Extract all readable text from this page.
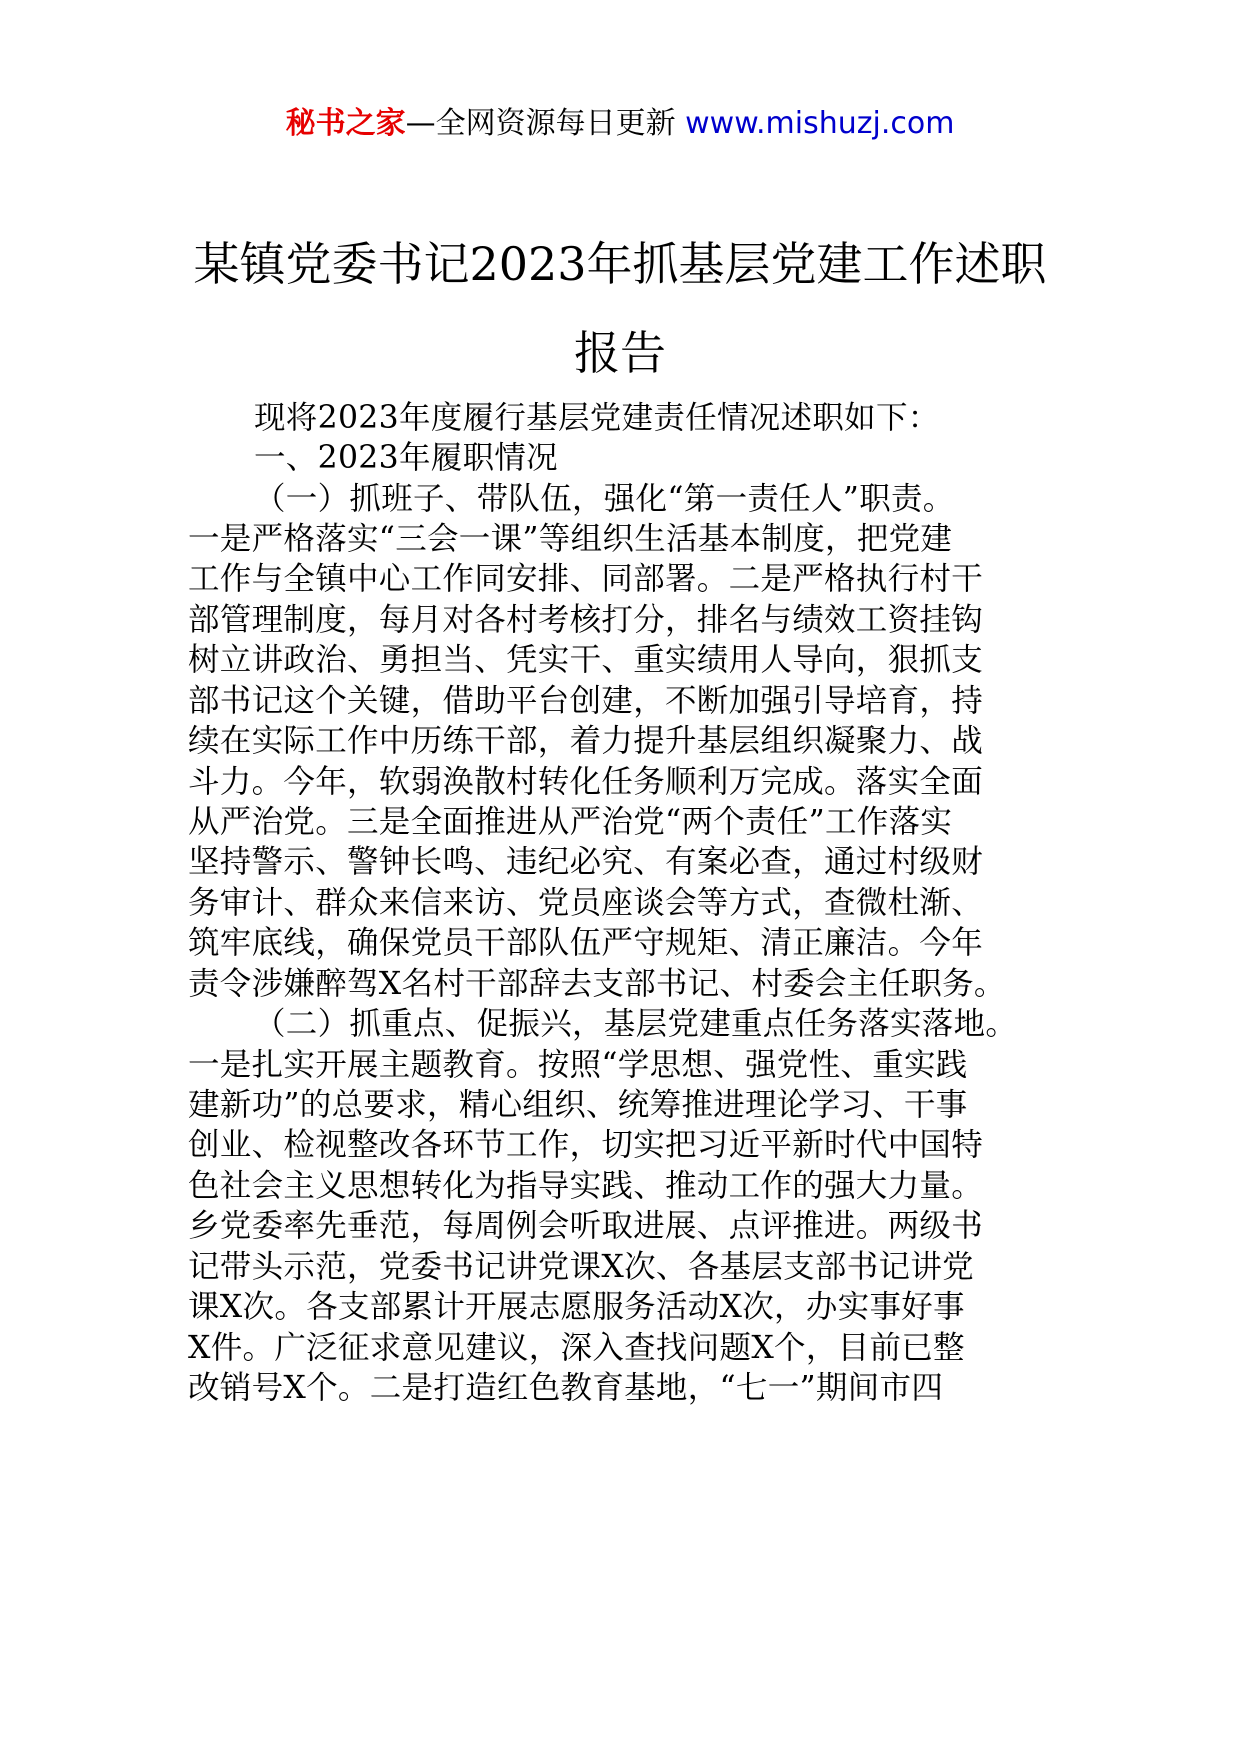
秘书之家—全网资源每日更新 www.mishuzj.com
某镇党委书记2023年抓基层党建工作述职
报告
现将2023年度履行基层党建责任情况述职如下：
一、2023年履职情况
（一）抓班子、带队伍，强化“第一责任人”职责。
一是严格落实“三会一课”等组织生活基本制度，把党建
工作与全镇中心工作同安排、同部署。二是严格执行村干
部管理制度，每月对各村考核打分，排名与绩效工资挂钩
树立讲政治、勇担当、凭实干、重实绩用人导向，狠抓支
部书记这个关键，借助平台创建，不断加强引导培育，持
续在实际工作中历练干部，着力提升基层组织凝聚力、战
斗力。今年，软弱涣散村转化任务顺利万完成。落实全面
从严治党。三是全面推进从严治党“两个责任”工作落实
坚持警示、警钟长鸣、违纪必究、有案必查，通过村级财
务审计、群众来信来访、党员座谈会等方式，查微杜渐、
筑牢底线，确保党员干部队伍严守规矩、清正廉洁。今年
责令涉嫌醉驾X名村干部辞去支部书记、村委会主任职务。
（二）抓重点、促振兴，基层党建重点任务落实落地。
一是扎实开展主题教育。按照“学思想、强党性、重实践
建新功”的总要求，精心组织、统筹推进理论学习、干事
创业、检视整改各环节工作，切实把习近平新时代中国特
色社会主义思想转化为指导实践、推动工作的强大力量。
乡党委率先垂范，每周例会听取进展、点评推进。两级书
记带头示范，党委书记讲党课X次、各基层支部书记讲党
课X次。各支部累计开展志愿服务活动X次，办实事好事
X件。广泛征求意见建议，深入查找问题X个，目前已整
改销号X个。二是打造红色教育基地，“七一”期间市四
